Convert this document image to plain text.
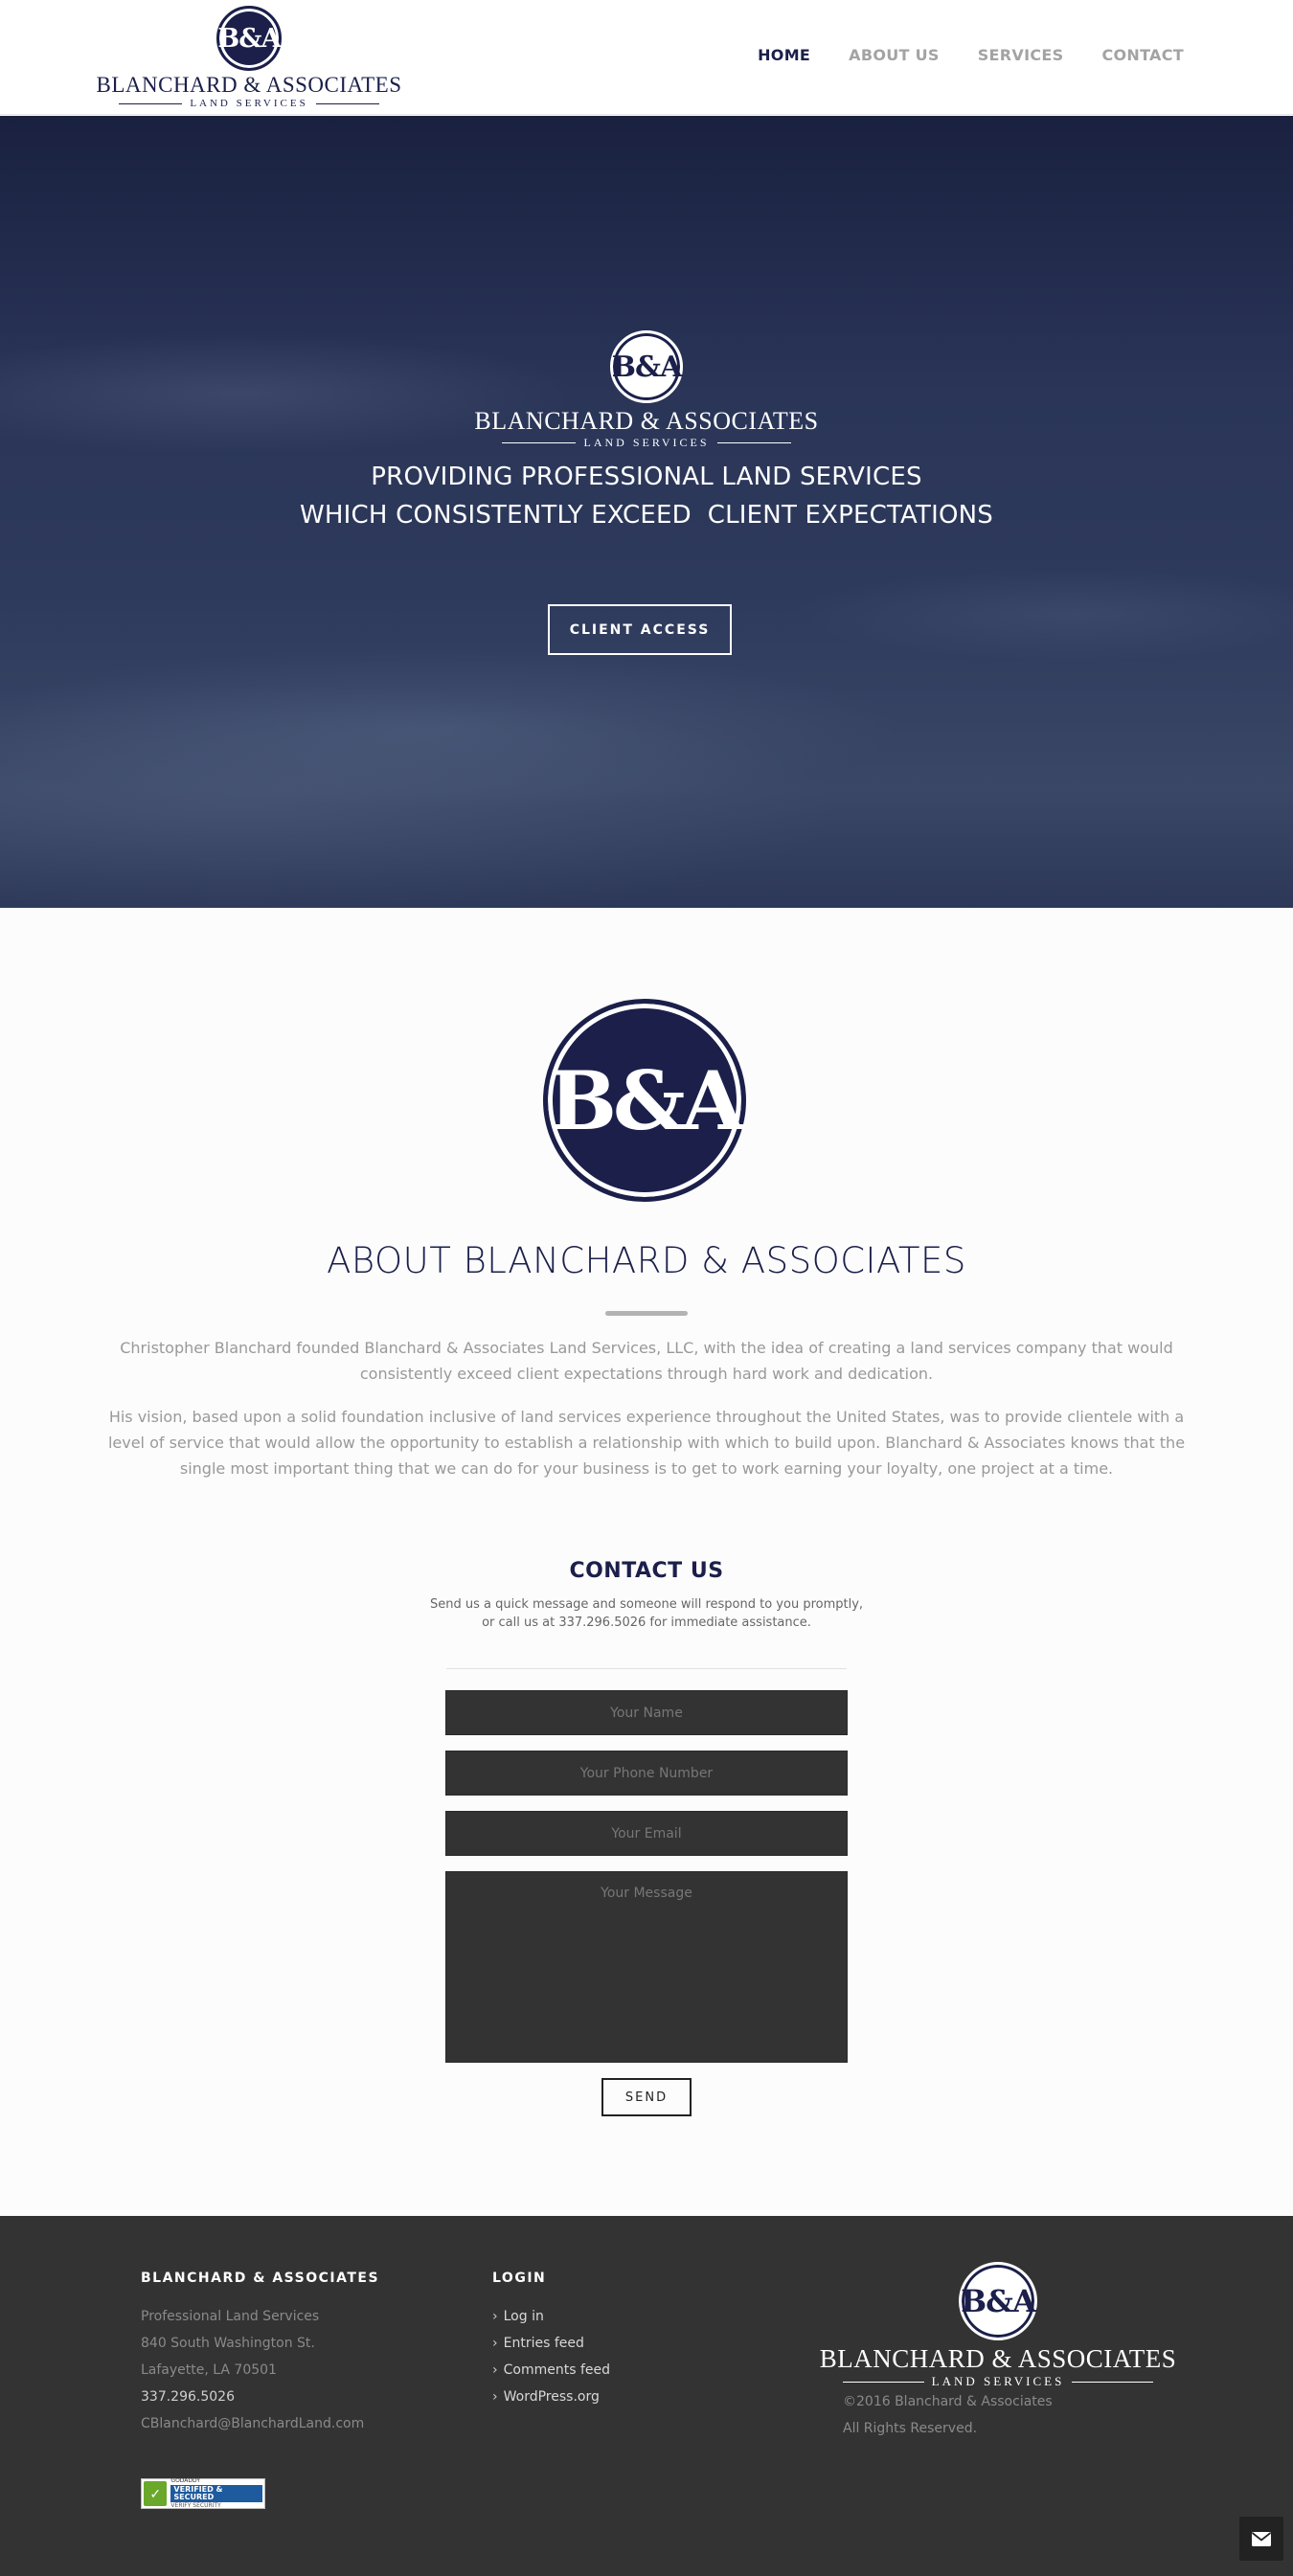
B&A
BLANCHARD & ASSOCIATES
LAND SERVICES
HOME	ABOUT US	SERVICES	CONTACT
B&A
BLANCHARD & ASSOCIATES
LAND SERVICES
PROVIDING PROFESSIONAL LAND SERVICES
WHICH CONSISTENTLY EXCEED  CLIENT EXPECTATIONS
CLIENT ACCESS
B&A
ABOUT BLANCHARD & ASSOCIATES

Christopher Blanchard founded Blanchard & Associates Land Services, LLC, with the idea of creating a land services company that would consistently exceed client expectations through hard work and dedication.

His vision, based upon a solid foundation inclusive of land services experience throughout the United States, was to provide clientele with a level of service that would allow the opportunity to establish a relationship with which to build upon. Blanchard & Associates knows that the single most important thing that we can do for your business is to get to work earning your loyalty, one project at a time.

CONTACT US
Send us a quick message and someone will respond to you promptly,
or call us at 337.296.5026 for immediate assistance.
Your Name
Your Phone Number
Your Email
Your Message
SEND
BLANCHARD & ASSOCIATES
Professional Land Services
840 South Washington St.
Lafayette, LA 70501
337.296.5026
CBlanchard@BlanchardLand.com
LOGIN
› Log in
› Entries feed
› Comments feed
› WordPress.org
B&A
BLANCHARD & ASSOCIATES
LAND SERVICES
©2016 Blanchard & Associates
All Rights Reserved.
✓
GODADDY
VERIFIED & SECURED
VERIFY SECURITY
